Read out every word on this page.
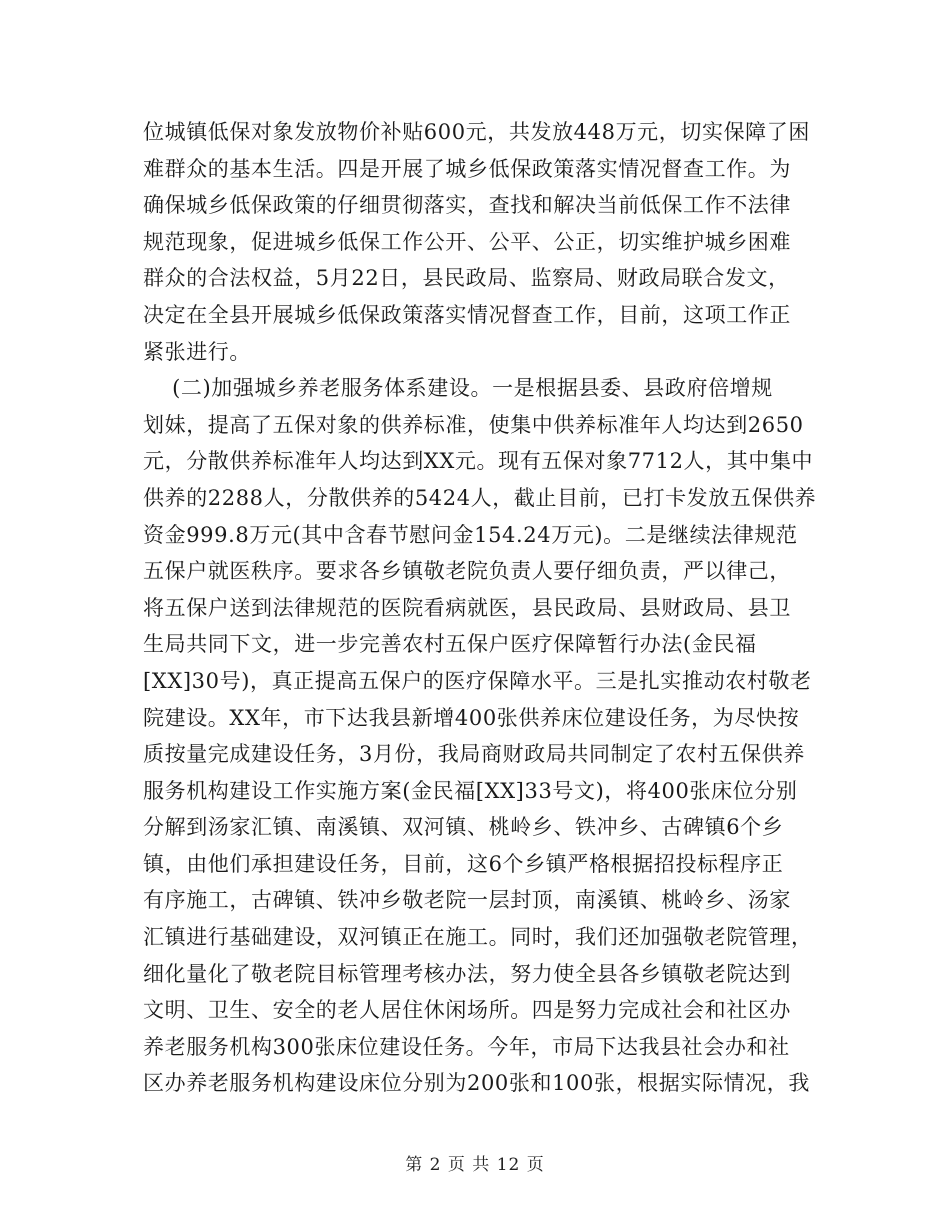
位城镇低保对象发放物价补贴600元，共发放448万元，切实保障了困
难群众的基本生活。四是开展了城乡低保政策落实情况督查工作。为
确保城乡低保政策的仔细贯彻落实，查找和解决当前低保工作不法律
规范现象，促进城乡低保工作公开、公平、公正，切实维护城乡困难
群众的合法权益，5月22日，县民政局、监察局、财政局联合发文，
决定在全县开展城乡低保政策落实情况督查工作，目前，这项工作正
紧张进行。
(二)加强城乡养老服务体系建设。一是根据县委、县政府倍增规
划妹，提高了五保对象的供养标准，使集中供养标准年人均达到2650
元，分散供养标准年人均达到XX元。现有五保对象7712人，其中集中
供养的2288人，分散供养的5424人，截止目前，已打卡发放五保供养
资金999.8万元(其中含春节慰问金154.24万元)。二是继续法律规范
五保户就医秩序。要求各乡镇敬老院负责人要仔细负责，严以律己，
将五保户送到法律规范的医院看病就医，县民政局、县财政局、县卫
生局共同下文，进一步完善农村五保户医疗保障暂行办法(金民福
[XX]30号)，真正提高五保户的医疗保障水平。三是扎实推动农村敬老
院建设。XX年，市下达我县新增400张供养床位建设任务，为尽快按
质按量完成建设任务，3月份，我局商财政局共同制定了农村五保供养
服务机构建设工作实施方案(金民福[XX]33号文)，将400张床位分别
分解到汤家汇镇、南溪镇、双河镇、桃岭乡、铁冲乡、古碑镇6个乡
镇，由他们承担建设任务，目前，这6个乡镇严格根据招投标程序正
有序施工，古碑镇、铁冲乡敬老院一层封顶，南溪镇、桃岭乡、汤家
汇镇进行基础建设，双河镇正在施工。同时，我们还加强敬老院管理，
细化量化了敬老院目标管理考核办法，努力使全县各乡镇敬老院达到
文明、卫生、安全的老人居住休闲场所。四是努力完成社会和社区办
养老服务机构300张床位建设任务。今年，市局下达我县社会办和社
区办养老服务机构建设床位分别为200张和100张，根据实际情况，我
第 2 页 共 12 页
